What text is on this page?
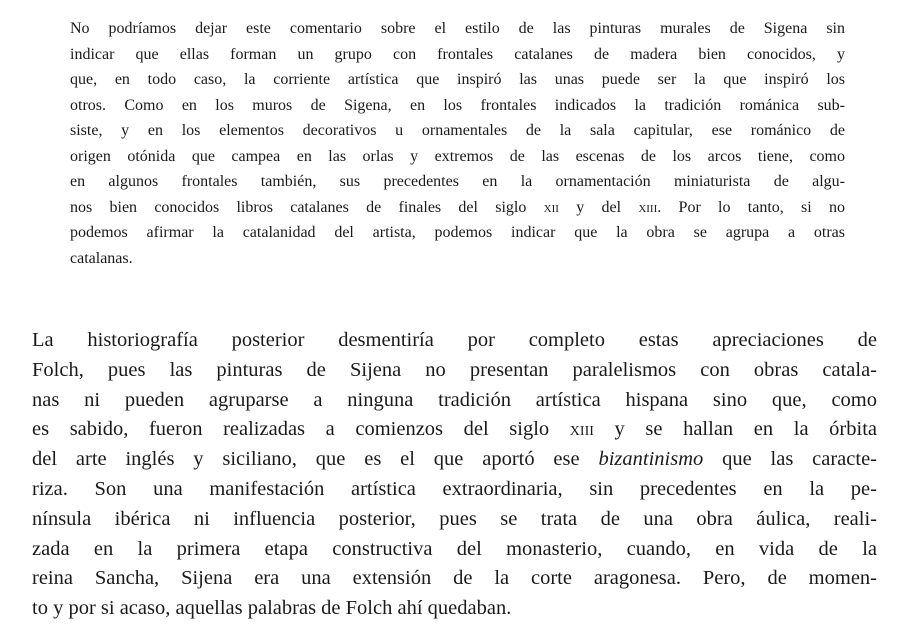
No podríamos dejar este comentario sobre el estilo de las pinturas murales de Sigena sin
indicar que ellas forman un grupo con frontales catalanes de madera bien conocidos, y
que, en todo caso, la corriente artística que inspiró las unas puede ser la que inspiró los
otros. Como en los muros de Sigena, en los frontales indicados la tradición románica sub-
siste, y en los elementos decorativos u ornamentales de la sala capitular, ese románico de
origen otónida que campea en las orlas y extremos de las escenas de los arcos tiene, como
en algunos frontales también, sus precedentes en la ornamentación miniaturista de algu-
nos bien conocidos libros catalanes de finales del siglo xii y del xiii. Por lo tanto, si no
podemos afirmar la catalanidad del artista, podemos indicar que la obra se agrupa a otras
catalanas.
La historiografía posterior desmentiría por completo estas apreciaciones de
Folch, pues las pinturas de Sijena no presentan paralelismos con obras catala-
nas ni pueden agruparse a ninguna tradición artística hispana sino que, como
es sabido, fueron realizadas a comienzos del siglo xiii y se hallan en la órbita
del arte inglés y siciliano, que es el que aportó ese bizantinismo que las caracte-
riza. Son una manifestación artística extraordinaria, sin precedentes en la pe-
nínsula ibérica ni influencia posterior, pues se trata de una obra áulica, reali-
zada en la primera etapa constructiva del monasterio, cuando, en vida de la
reina Sancha, Sijena era una extensión de la corte aragonesa. Pero, de momen-
to y por si acaso, aquellas palabras de Folch ahí quedaban.
